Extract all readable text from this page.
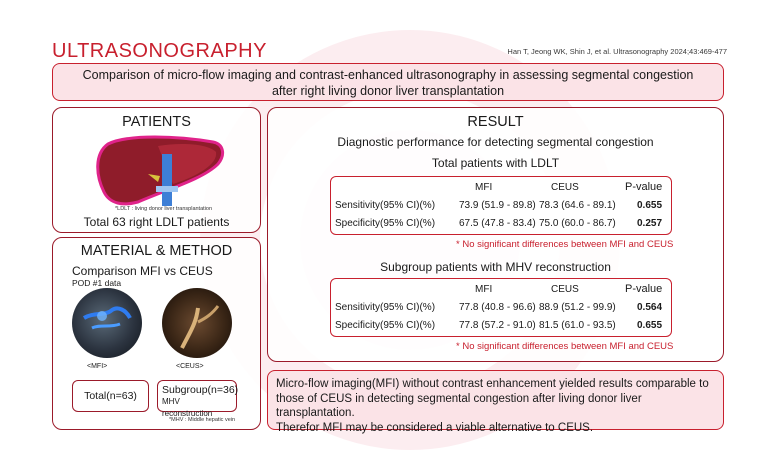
ULTRASONOGRAPHY	Han T, Jeong WK, Shin J, et al. Ultrasonography 2024;43:469-477
Comparison of micro-flow imaging and contrast-enhanced ultrasonography in assessing segmental congestion
after right living donor liver transplantation
PATIENTS
*LDLT : living donor liver transplantation
Total 63 right LDLT patients
MATERIAL & METHOD
Comparison MFI vs CEUS
POD #1 data
<MFI>	<CEUS>
Total(n=63)	Subgroup(n=36)
MHV reconstruction
*MHV : Middle hepatic vein
RESULT
Diagnostic performance for detecting segmental congestion
Total patients with LDLT
MFI	CEUS	P-value
Sensitivity(95% CI)(%) 73.9 (51.9 - 89.8) 78.3 (64.6 - 89.1) 0.655
Specificity(95% CI)(%) 67.5 (47.8 - 83.4) 75.0 (60.0 - 86.7) 0.257
* No significant differences between MFI and CEUS
Subgroup patients with MHV reconstruction
MFI	CEUS	P-value
Sensitivity(95% CI)(%) 77.8 (40.8 - 96.6) 88.9 (51.2 - 99.9) 0.564
Specificity(95% CI)(%) 77.8 (57.2 - 91.0) 81.5 (61.0 - 93.5) 0.655
* No significant differences between MFI and CEUS
Micro-flow imaging(MFI) without contrast enhancement yielded results comparable to
those of CEUS in detecting segmental congestion after living donor liver transplantation.
Therefor MFI may be considered a viable alternative to CEUS.
